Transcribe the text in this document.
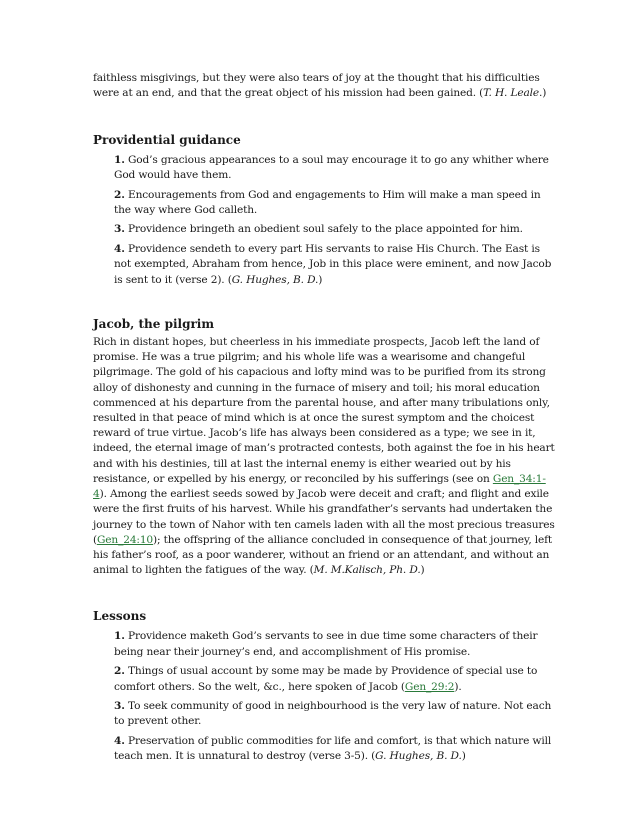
faithless misgivings, but they were also tears of joy at the thought that his difficulties were at an end, and that the great object of his mission had been gained. (T. H. Leale.)

Providential guidance
1. God’s gracious appearances to a soul may encourage it to go any whither where God would have them.
2. Encouragements from God and engagements to Him will make a man speed in the way where God calleth.
3. Providence bringeth an obedient soul safely to the place appointed for him.
4. Providence sendeth to every part His servants to raise His Church. The East is not exempted, Abraham from hence, Job in this place were eminent, and now Jacob is sent to it (verse 2). (G. Hughes, B. D.)
Jacob, the pilgrim

Rich in distant hopes, but cheerless in his immediate prospects, Jacob left the land of promise. He was a true pilgrim; and his whole life was a wearisome and changeful pilgrimage. The gold of his capacious and lofty mind was to be purified from its strong alloy of dishonesty and cunning in the furnace of misery and toil; his moral education commenced at his departure from the parental house, and after many tribulations only, resulted in that peace of mind which is at once the surest symptom and the choicest reward of true virtue. Jacob’s life has always been considered as a type; we see in it, indeed, the eternal image of man’s protracted contests, both against the foe in his heart and with his destinies, till at last the internal enemy is either wearied out by his resistance, or expelled by his energy, or reconciled by his sufferings (see on Gen_34:1-4). Among the earliest seeds sowed by Jacob were deceit and craft; and flight and exile were the first fruits of his harvest. While his grandfather’s servants had undertaken the journey to the town of Nahor with ten camels laden with all the most precious treasures (Gen_24:10); the offspring of the alliance concluded in consequence of that journey, left his father’s roof, as a poor wanderer, without an friend or an attendant, and without an animal to lighten the fatigues of the way. (M. M.Kalisch, Ph. D.)

Lessons
1. Providence maketh God’s servants to see in due time some characters of their being near their journey’s end, and accomplishment of His promise.
2. Things of usual account by some may be made by Providence of special use to comfort others. So the welt, &c., here spoken of Jacob (Gen_29:2).
3. To seek community of good in neighbourhood is the very law of nature. Not each to prevent other.
4. Preservation of public commodities for life and comfort, is that which nature will teach men. It is unnatural to destroy (verse 3-5). (G. Hughes, B. D.)
